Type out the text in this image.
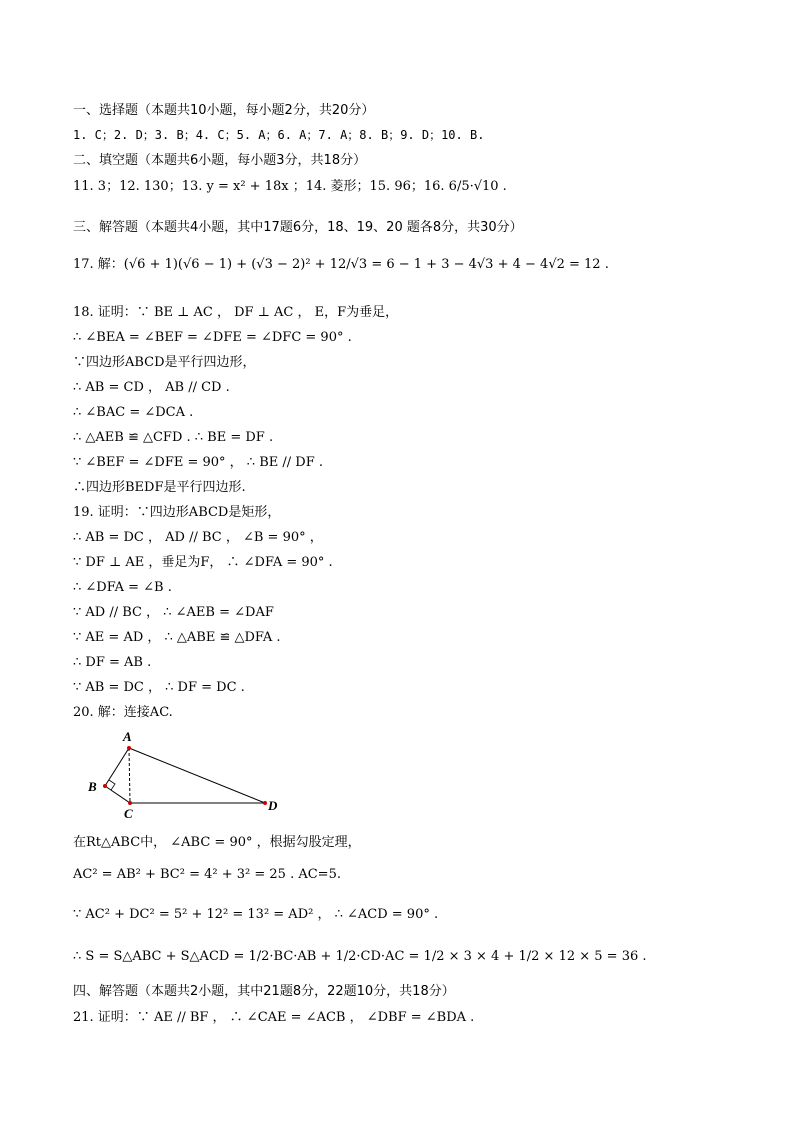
一、选择题（本题共10小题，每小题2分，共20分）
1. C；2. D；3. B；4. C；5. A；6. A；7. A；8. B；9. D；10. B.
二、填空题（本题共6小题，每小题3分，共18分）
11. 3；12. 130；13. y = x² + 18x ；14. 菱形；15. 96；16. 6/5·√10 .
三、解答题（本题共4小题，其中17题6分，18、19、20 题各8分，共30分）
17. 解：(√6 + 1)(√6 − 1) + (√3 − 2)² + 12/√3 = 6 − 1 + 3 − 4√3 + 4 − 4√2 = 12 .
18. 证明：∵ BE ⊥ AC ， DF ⊥ AC ， E，F为垂足，
∴ ∠BEA = ∠BEF = ∠DFE = ∠DFC = 90° .
∵四边形ABCD是平行四边形，
∴ AB = CD ， AB // CD .
∴ ∠BAC = ∠DCA .
∴ △AEB ≌ △CFD . ∴ BE = DF .
∵ ∠BEF = ∠DFE = 90° ， ∴ BE // DF .
∴四边形BEDF是平行四边形.
19. 证明：∵四边形ABCD是矩形，
∴ AB = DC ， AD // BC ， ∠B = 90° ，
∵ DF ⊥ AE ，垂足为F， ∴ ∠DFA = 90° .
∴ ∠DFA = ∠B .
∵ AD // BC ， ∴ ∠AEB = ∠DAF
∵ AE = AD ， ∴ △ABE ≌ △DFA .
∴ DF = AB .
∵ AB = DC ， ∴ DF = DC .
20. 解：连接AC.
A
B
C
D
在Rt△ABC中， ∠ABC = 90° ，根据勾股定理，
AC² = AB² + BC² = 4² + 3² = 25 . AC=5.
∵ AC² + DC² = 5² + 12² = 13² = AD² ， ∴ ∠ACD = 90° .
∴ S = S△ABC + S△ACD = 1/2·BC·AB + 1/2·CD·AC = 1/2 × 3 × 4 + 1/2 × 12 × 5 = 36 .
四、解答题（本题共2小题，其中21题8分，22题10分，共18分）
21. 证明：∵ AE // BF ， ∴ ∠CAE = ∠ACB ， ∠DBF = ∠BDA .
